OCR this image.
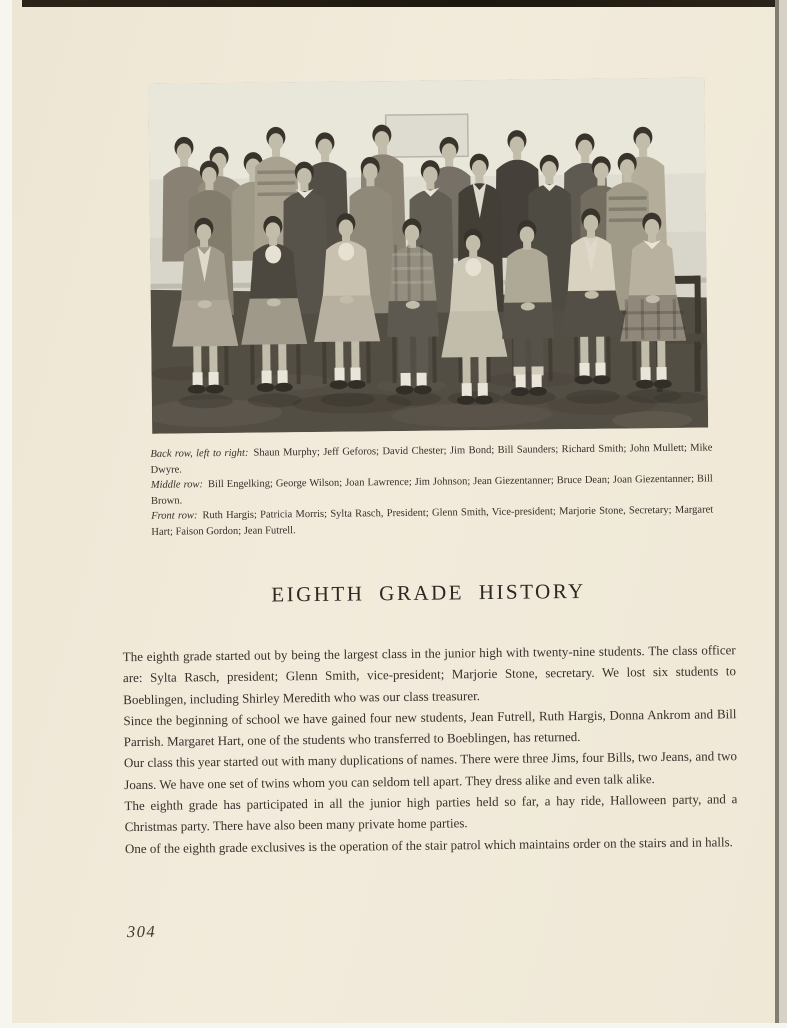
Back row, left to right: Shaun Murphy; Jeff Geforos; David Chester; Jim Bond; Bill Saunders; Richard Smith; John Mullett; Mike Dwyre.

Middle row: Bill Engelking; George Wilson; Joan Lawrence; Jim Johnson; Jean Giezentanner; Bruce Dean; Joan Giezentanner; Bill Brown.

Front row: Ruth Hargis; Patricia Morris; Sylta Rasch, President; Glenn Smith, Vice-president; Marjorie Stone, Secretary; Margaret Hart; Faison Gordon; Jean Futrell.

EIGHTH GRADE HISTORY

The eighth grade started out by being the largest class in the junior high with twenty-nine students. The class officer are: Sylta Rasch, president; Glenn Smith, vice-president; Marjorie Stone, secretary. We lost six students to Boeblingen, including Shirley Meredith who was our class treasurer.

Since the beginning of school we have gained four new students, Jean Futrell, Ruth Hargis, Donna Ankrom and Bill Parrish. Margaret Hart, one of the students who transferred to Boeblingen, has returned.

Our class this year started out with many duplications of names. There were three Jims, four Bills, two Jeans, and two Joans. We have one set of twins whom you can seldom tell apart. They dress alike and even talk alike.

The eighth grade has participated in all the junior high parties held so far, a hay ride, Halloween party, and a Christmas party. There have also been many private home parties.

One of the eighth grade exclusives is the operation of the stair patrol which maintains order on the stairs and in halls.

304
